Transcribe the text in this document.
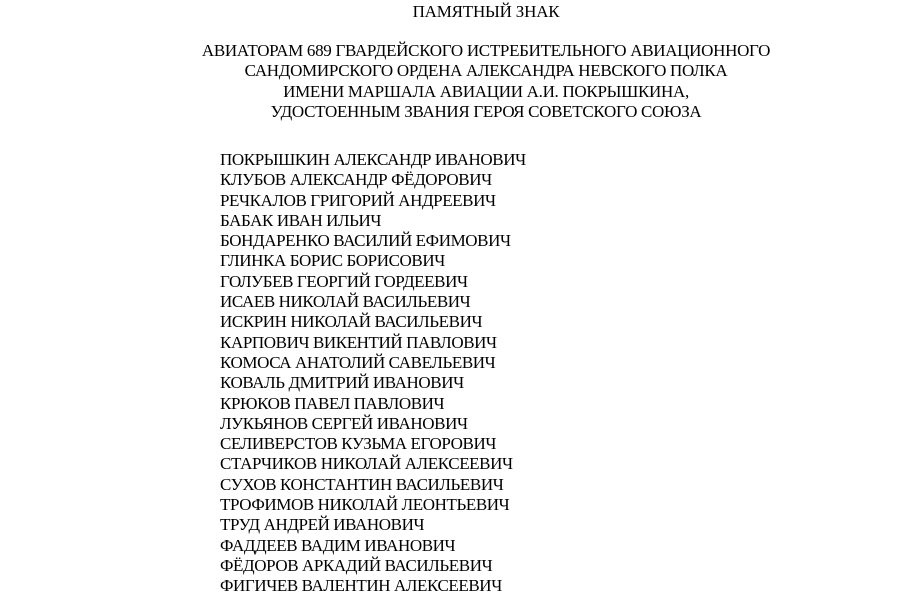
ПАМЯТНЫЙ ЗНАК
АВИАТОРАМ 689 ГВАРДЕЙСКОГО ИСТРЕБИТЕЛЬНОГО АВИАЦИОННОГО
САНДОМИРСКОГО ОРДЕНА АЛЕКСАНДРА НЕВСКОГО ПОЛКА
ИМЕНИ МАРШАЛА АВИАЦИИ А.И. ПОКРЫШКИНА,
УДОСТОЕННЫМ ЗВАНИЯ ГЕРОЯ СОВЕТСКОГО СОЮЗА
ПОКРЫШКИН АЛЕКСАНДР ИВАНОВИЧ
КЛУБОВ АЛЕКСАНДР ФЁДОРОВИЧ
РЕЧКАЛОВ ГРИГОРИЙ АНДРЕЕВИЧ
БАБАК ИВАН ИЛЬИЧ
БОНДАРЕНКО ВАСИЛИЙ ЕФИМОВИЧ
ГЛИНКА БОРИС БОРИСОВИЧ
ГОЛУБЕВ ГЕОРГИЙ ГОРДЕЕВИЧ
ИСАЕВ НИКОЛАЙ ВАСИЛЬЕВИЧ
ИСКРИН НИКОЛАЙ ВАСИЛЬЕВИЧ
КАРПОВИЧ ВИКЕНТИЙ ПАВЛОВИЧ
КОМОСА АНАТОЛИЙ САВЕЛЬЕВИЧ
КОВАЛЬ ДМИТРИЙ ИВАНОВИЧ
КРЮКОВ ПАВЕЛ ПАВЛОВИЧ
ЛУКЬЯНОВ СЕРГЕЙ ИВАНОВИЧ
СЕЛИВЕРСТОВ КУЗЬМА ЕГОРОВИЧ
СТАРЧИКОВ НИКОЛАЙ АЛЕКСЕЕВИЧ
СУХОВ КОНСТАНТИН ВАСИЛЬЕВИЧ
ТРОФИМОВ НИКОЛАЙ ЛЕОНТЬЕВИЧ
ТРУД АНДРЕЙ ИВАНОВИЧ
ФАДДЕЕВ ВАДИМ ИВАНОВИЧ
ФЁДОРОВ АРКАДИЙ ВАСИЛЬЕВИЧ
ФИГИЧЕВ ВАЛЕНТИН АЛЕКСЕЕВИЧ
